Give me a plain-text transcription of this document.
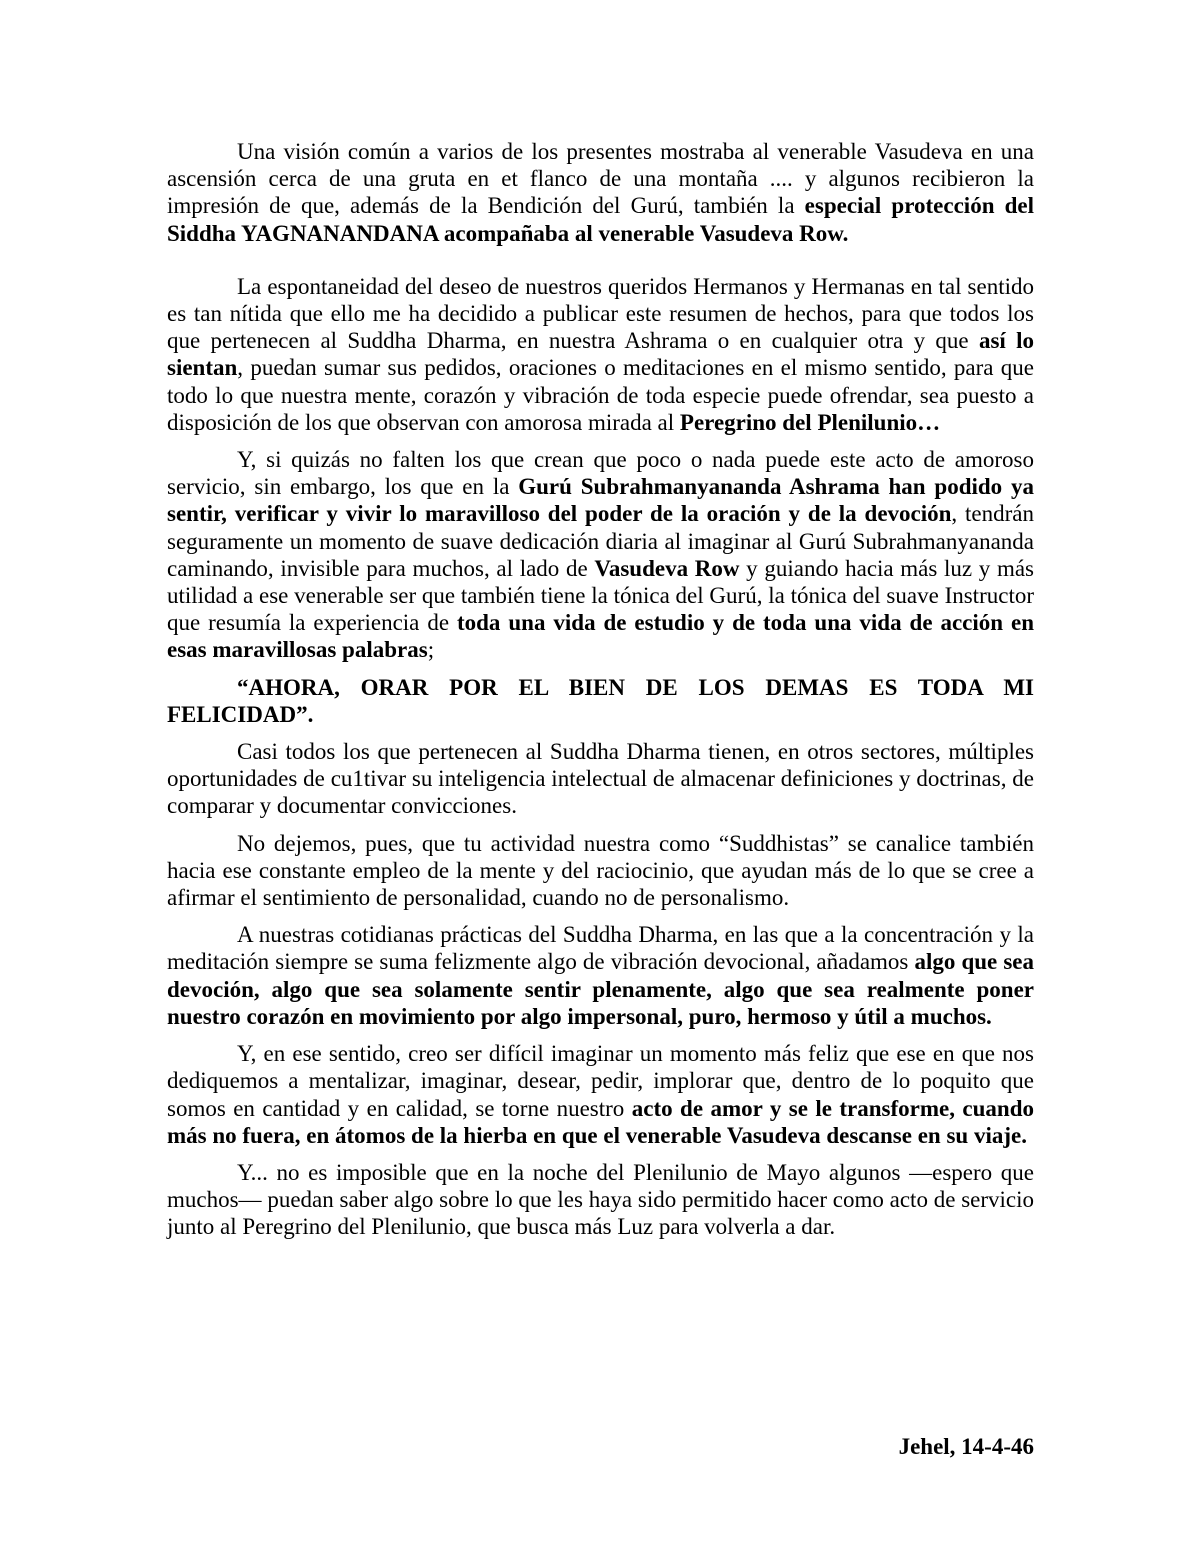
Una visión común a varios de los presentes mostraba al venerable Vasudeva en una ascensión cerca de una gruta en et flanco de una montaña .... y algunos recibieron la impresión de que, además de la Bendición del Gurú, también la especial protección del Siddha YAGNANANDANA acompañaba al venerable Vasudeva Row.

La espontaneidad del deseo de nuestros queridos Hermanos y Hermanas en tal sentido es tan nítida que ello me ha decidido a publicar este resumen de hechos, para que todos los que pertenecen al Suddha Dharma, en nuestra Ashrama o en cualquier otra y que así lo sientan, puedan sumar sus pedidos, oraciones o meditaciones en el mismo sentido, para que todo lo que nuestra mente, corazón y vibración de toda especie puede ofrendar, sea puesto a disposición de los que observan con amorosa mirada al Peregrino del Plenilunio…

Y, si quizás no falten los que crean que poco o nada puede este acto de amoroso servicio, sin embargo, los que en la Gurú Subrahmanyananda Ashrama han podido ya sentir, verificar y vivir lo maravilloso del poder de la oración y de la devoción, tendrán seguramente un momento de suave dedicación diaria al imaginar al Gurú Subrahmanyananda caminando, invisible para muchos, al lado de Vasudeva Row y guiando hacia más luz y más utilidad a ese venerable ser que también tiene la tónica del Gurú, la tónica del suave Instructor que resumía la experiencia de toda una vida de estudio y de toda una vida de acción en esas maravillosas palabras;

“AHORA, ORAR POR EL BIEN DE LOS DEMAS ES TODA MI FELICIDAD”.

Casi todos los que pertenecen al Suddha Dharma tienen, en otros sectores, múltiples oportunidades de cu1tivar su inteligencia intelectual de almacenar definiciones y doctrinas, de comparar y documentar convicciones.

No dejemos, pues, que tu actividad nuestra como “Suddhistas” se canalice también hacia ese constante empleo de la mente y del raciocinio, que ayudan más de lo que se cree a afirmar el sentimiento de personalidad, cuando no de personalismo.

A nuestras cotidianas prácticas del Suddha Dharma, en las que a la concentración y la meditación siempre se suma felizmente algo de vibración devocional, añadamos algo que sea devoción, algo que sea solamente sentir plenamente, algo que sea realmente poner nuestro corazón en movimiento por algo impersonal, puro, hermoso y útil a muchos.

Y, en ese sentido, creo ser difícil imaginar un momento más feliz que ese en que nos dediquemos a mentalizar, imaginar, desear, pedir, implorar que, dentro de lo poquito que somos en cantidad y en calidad, se torne nuestro acto de amor y se le transforme, cuando más no fuera, en átomos de la hierba en que el venerable Vasudeva descanse en su viaje.

Y... no es imposible que en la noche del Plenilunio de Mayo algunos —espero que muchos— puedan saber algo sobre lo que les haya sido permitido hacer como acto de servicio junto al Peregrino del Plenilunio, que busca más Luz para volverla a dar.

Jehel, 14-4-46
